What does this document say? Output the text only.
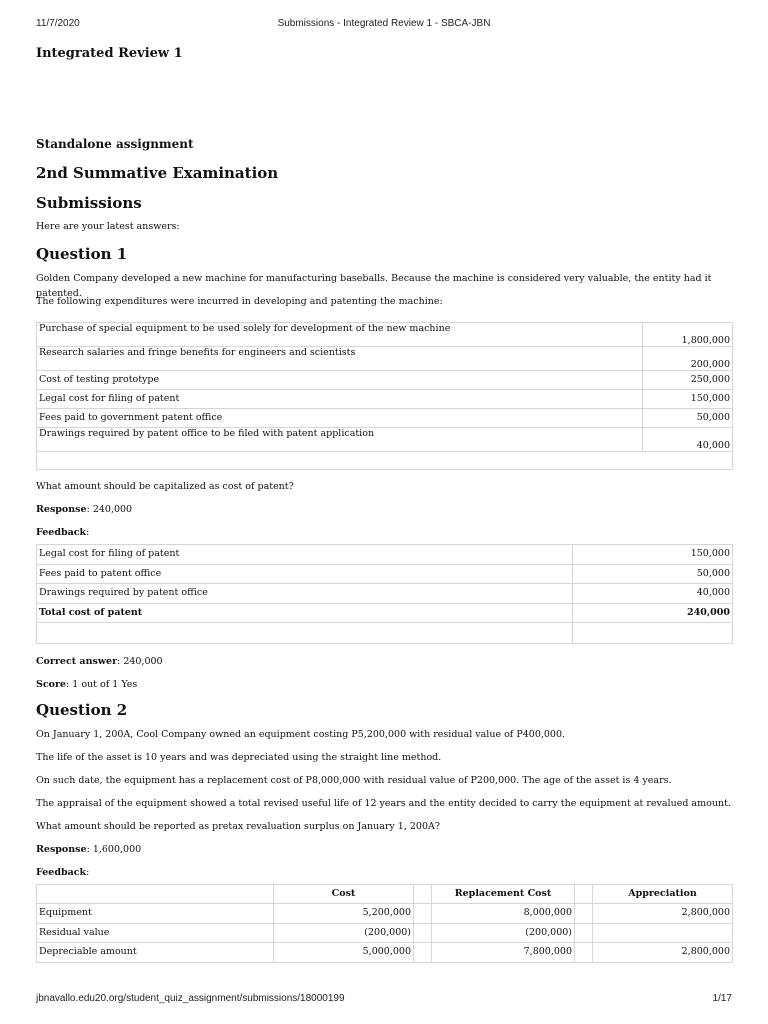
11/7/2020	Submissions - Integrated Review 1 - SBCA-JBN
Integrated Review 1
Standalone assignment
2nd Summative Examination
Submissions
Here are your latest answers:
Question 1

Golden Company developed a new machine for manufacturing baseballs. Because the machine is considered very valuable, the entity had it patented.

The following expenditures were incurred in developing and patenting the machine:

Purchase of special equipment to be used solely for development of the new machine	1,800,000
Research salaries and fringe benefits for engineers and scientists	200,000
Cost of testing prototype	250,000
Legal cost for filing of patent	150,000
Fees paid to government patent office	50,000
Drawings required by patent office to be filed with patent application	40,000

What amount should be capitalized as cost of patent?

Response: 240,000

Feedback:

Legal cost for filing of patent	150,000
Fees paid to patent office	50,000
Drawings required by patent office	40,000
Total cost of patent	240,000

Correct answer: 240,000

Score: 1 out of 1 Yes

Question 2

On January 1, 200A, Cool Company owned an equipment costing P5,200,000 with residual value of P400,000.

The life of the asset is 10 years and was depreciated using the straight line method.

On such date, the equipment has a replacement cost of P8,000,000 with residual value of P200,000. The age of the asset is 4 years.

The appraisal of the equipment showed a total revised useful life of 12 years and the entity decided to carry the equipment at revalued amount.

What amount should be reported as pretax revaluation surplus on January 1, 200A?

Response: 1,600,000

Feedback:

	Cost		Replacement Cost		Appreciation
Equipment	5,200,000		8,000,000		2,800,000
Residual value	(200,000)		(200,000)		
Depreciable amount	5,000,000		7,800,000		2,800,000
jbnavallo.edu20.org/student_quiz_assignment/submissions/18000199	1/17
